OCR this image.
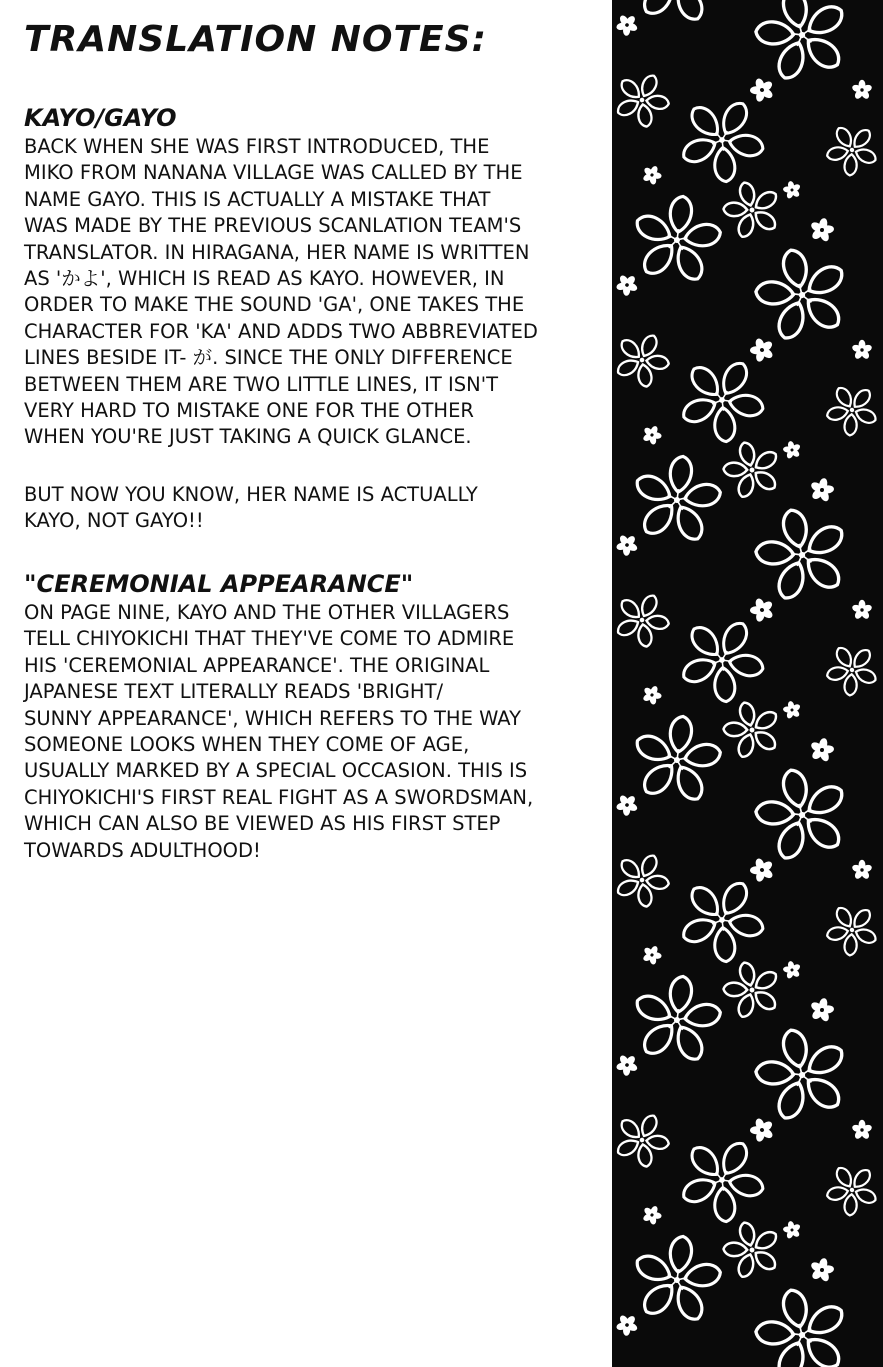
TRANSLATION NOTES:
KAYO/GAYO

BACK WHEN SHE WAS FIRST INTRODUCED, THE
MIKO FROM NANANA VILLAGE WAS CALLED BY THE
NAME GAYO. THIS IS ACTUALLY A MISTAKE THAT
WAS MADE BY THE PREVIOUS SCANLATION TEAM'S
TRANSLATOR. IN HIRAGANA, HER NAME IS WRITTEN
AS 'かよ', WHICH IS READ AS KAYO. HOWEVER, IN
ORDER TO MAKE THE SOUND 'GA', ONE TAKES THE
CHARACTER FOR 'KA' AND ADDS TWO ABBREVIATED
LINES BESIDE IT- が. SINCE THE ONLY DIFFERENCE
BETWEEN THEM ARE TWO LITTLE LINES, IT ISN'T
VERY HARD TO MISTAKE ONE FOR THE OTHER
WHEN YOU'RE JUST TAKING A QUICK GLANCE.

BUT NOW YOU KNOW, HER NAME IS ACTUALLY
KAYO, NOT GAYO!!

"CEREMONIAL APPEARANCE"

ON PAGE NINE, KAYO AND THE OTHER VILLAGERS
TELL CHIYOKICHI THAT THEY'VE COME TO ADMIRE
HIS 'CEREMONIAL APPEARANCE'. THE ORIGINAL
JAPANESE TEXT LITERALLY READS 'BRIGHT/
SUNNY APPEARANCE', WHICH REFERS TO THE WAY
SOMEONE LOOKS WHEN THEY COME OF AGE,
USUALLY MARKED BY A SPECIAL OCCASION. THIS IS
CHIYOKICHI'S FIRST REAL FIGHT AS A SWORDSMAN,
WHICH CAN ALSO BE VIEWED AS HIS FIRST STEP
TOWARDS ADULTHOOD!
